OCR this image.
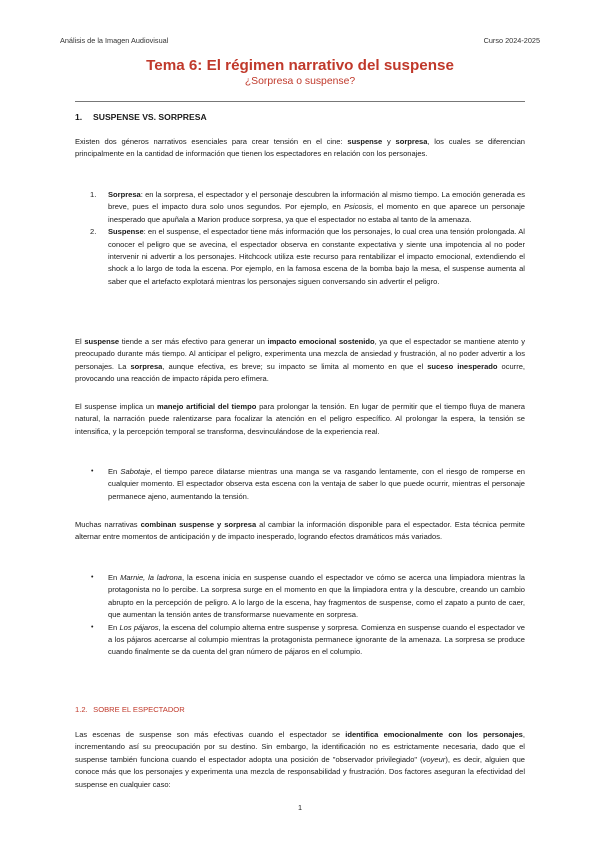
Análisis de la Imagen Audiovisual	Curso 2024-2025
Tema 6: El régimen narrativo del suspense
¿Sorpresa o suspense?
1. SUSPENSE VS. SORPRESA

Existen dos géneros narrativos esenciales para crear tensión en el cine: suspense y sorpresa, los cuales se diferencian principalmente en la cantidad de información que tienen los espectadores en relación con los personajes.

1. Sorpresa: en la sorpresa, el espectador y el personaje descubren la información al mismo tiempo. La emoción generada es breve, pues el impacto dura solo unos segundos. Por ejemplo, en Psicosis, el momento en que aparece un personaje inesperado que apuñala a Marion produce sorpresa, ya que el espectador no estaba al tanto de la amenaza.

2. Suspense: en el suspense, el espectador tiene más información que los personajes, lo cual crea una tensión prolongada. Al conocer el peligro que se avecina, el espectador observa en constante expectativa y siente una impotencia al no poder intervenir ni advertir a los personajes. Hitchcock utiliza este recurso para rentabilizar el impacto emocional, extendiendo el shock a lo largo de toda la escena. Por ejemplo, en la famosa escena de la bomba bajo la mesa, el suspense aumenta al saber que el artefacto explotará mientras los personajes siguen conversando sin advertir el peligro.

El suspense tiende a ser más efectivo para generar un impacto emocional sostenido, ya que el espectador se mantiene atento y preocupado durante más tiempo. Al anticipar el peligro, experimenta una mezcla de ansiedad y frustración, al no poder advertir a los personajes. La sorpresa, aunque efectiva, es breve; su impacto se limita al momento en que el suceso inesperado ocurre, provocando una reacción de impacto rápida pero efímera.

El suspense implica un manejo artificial del tiempo para prolongar la tensión. En lugar de permitir que el tiempo fluya de manera natural, la narración puede ralentizarse para focalizar la atención en el peligro específico. Al prolongar la espera, la tensión se intensifica, y la percepción temporal se transforma, desvinculándose de la experiencia real.

• En Sabotaje, el tiempo parece dilatarse mientras una manga se va rasgando lentamente, con el riesgo de romperse en cualquier momento. El espectador observa esta escena con la ventaja de saber lo que puede ocurrir, mientras el personaje permanece ajeno, aumentando la tensión.

Muchas narrativas combinan suspense y sorpresa al cambiar la información disponible para el espectador. Esta técnica permite alternar entre momentos de anticipación y de impacto inesperado, logrando efectos dramáticos más variados.

• En Marnie, la ladrona, la escena inicia en suspense cuando el espectador ve cómo se acerca una limpiadora mientras la protagonista no lo percibe. La sorpresa surge en el momento en que la limpiadora entra y la descubre, creando un cambio abrupto en la percepción de peligro. A lo largo de la escena, hay fragmentos de suspense, como el zapato a punto de caer, que aumentan la tensión antes de transformarse nuevamente en sorpresa.

• En Los pájaros, la escena del columpio alterna entre suspense y sorpresa. Comienza en suspense cuando el espectador ve a los pájaros acercarse al columpio mientras la protagonista permanece ignorante de la amenaza. La sorpresa se produce cuando finalmente se da cuenta del gran número de pájaros en el columpio.

1.2. SOBRE EL ESPECTADOR

Las escenas de suspense son más efectivas cuando el espectador se identifica emocionalmente con los personajes, incrementando así su preocupación por su destino. Sin embargo, la identificación no es estrictamente necesaria, dado que el suspense también funciona cuando el espectador adopta una posición de "observador privilegiado" (voyeur), es decir, alguien que conoce más que los personajes y experimenta una mezcla de responsabilidad y frustración. Dos factores aseguran la efectividad del suspense en cualquier caso:

1
